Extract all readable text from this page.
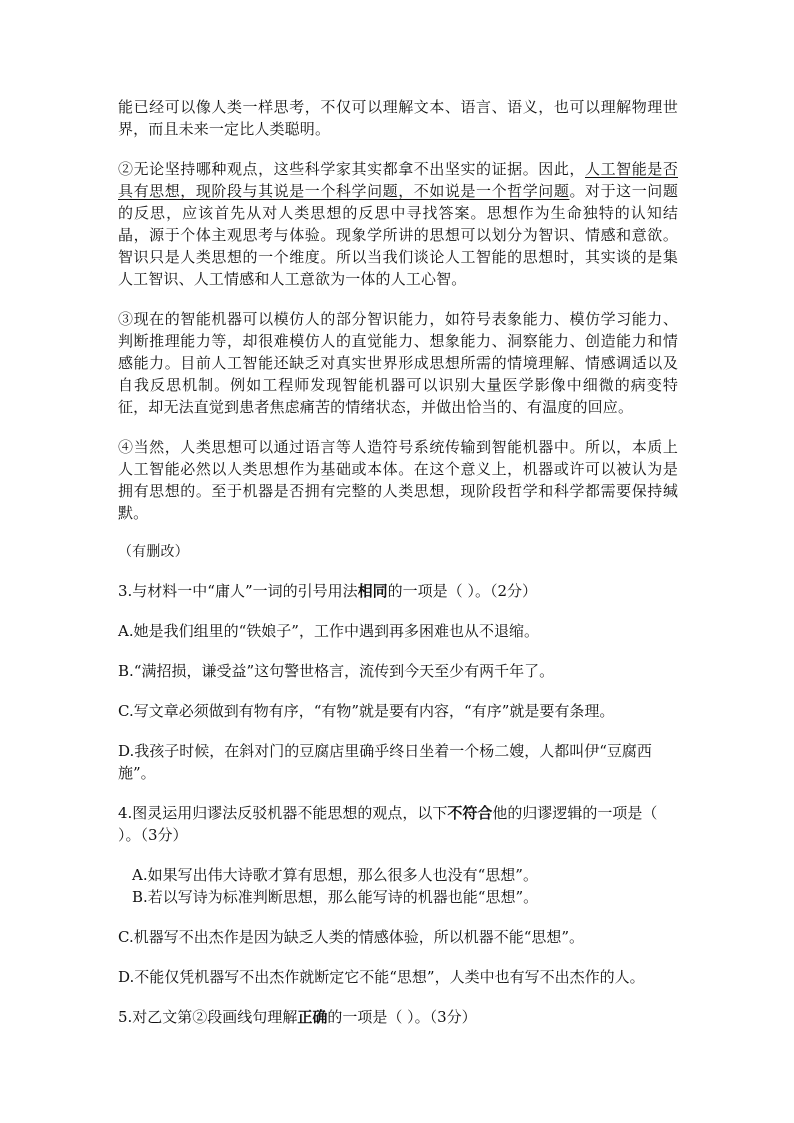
能已经可以像人类一样思考，不仅可以理解文本、语言、语义，也可以理解物理世界，而且未来一定比人类聪明。

②无论坚持哪种观点，这些科学家其实都拿不出坚实的证据。因此，人工智能是否具有思想，现阶段与其说是一个科学问题，不如说是一个哲学问题。对于这一问题的反思，应该首先从对人类思想的反思中寻找答案。思想作为生命独特的认知结晶，源于个体主观思考与体验。现象学所讲的思想可以划分为智识、情感和意欲。智识只是人类思想的一个维度。所以当我们谈论人工智能的思想时，其实谈的是集人工智识、人工情感和人工意欲为一体的人工心智。

③现在的智能机器可以模仿人的部分智识能力，如符号表象能力、模仿学习能力、判断推理能力等，却很难模仿人的直觉能力、想象能力、洞察能力、创造能力和情感能力。目前人工智能还缺乏对真实世界形成思想所需的情境理解、情感调适以及自我反思机制。例如工程师发现智能机器可以识别大量医学影像中细微的病变特征，却无法直觉到患者焦虑痛苦的情绪状态，并做出恰当的、有温度的回应。

④当然，人类思想可以通过语言等人造符号系统传输到智能机器中。所以，本质上人工智能必然以人类思想作为基础或本体。在这个意义上，机器或许可以被认为是拥有思想的。至于机器是否拥有完整的人类思想，现阶段哲学和科学都需要保持缄默。

（有删改）

3.与材料一中“庸人”一词的引号用法相同的一项是（ ）。（2分）

A.她是我们组里的“铁娘子”，工作中遇到再多困难也从不退缩。

B.“满招损，谦受益”这句警世格言，流传到今天至少有两千年了。

C.写文章必须做到有物有序，“有物”就是要有内容，“有序”就是要有条理。

D.我孩子时候，在斜对门的豆腐店里确乎终日坐着一个杨二嫂，人都叫伊“豆腐西施”。

4.图灵运用归谬法反驳机器不能思想的观点，以下不符合他的归谬逻辑的一项是（ ）。（3分）

A.如果写出伟大诗歌才算有思想，那么很多人也没有“思想”。

B.若以写诗为标准判断思想，那么能写诗的机器也能“思想”。

C.机器写不出杰作是因为缺乏人类的情感体验，所以机器不能“思想”。

D.不能仅凭机器写不出杰作就断定它不能“思想”，人类中也有写不出杰作的人。

5.对乙文第②段画线句理解正确的一项是（ ）。（3分）
